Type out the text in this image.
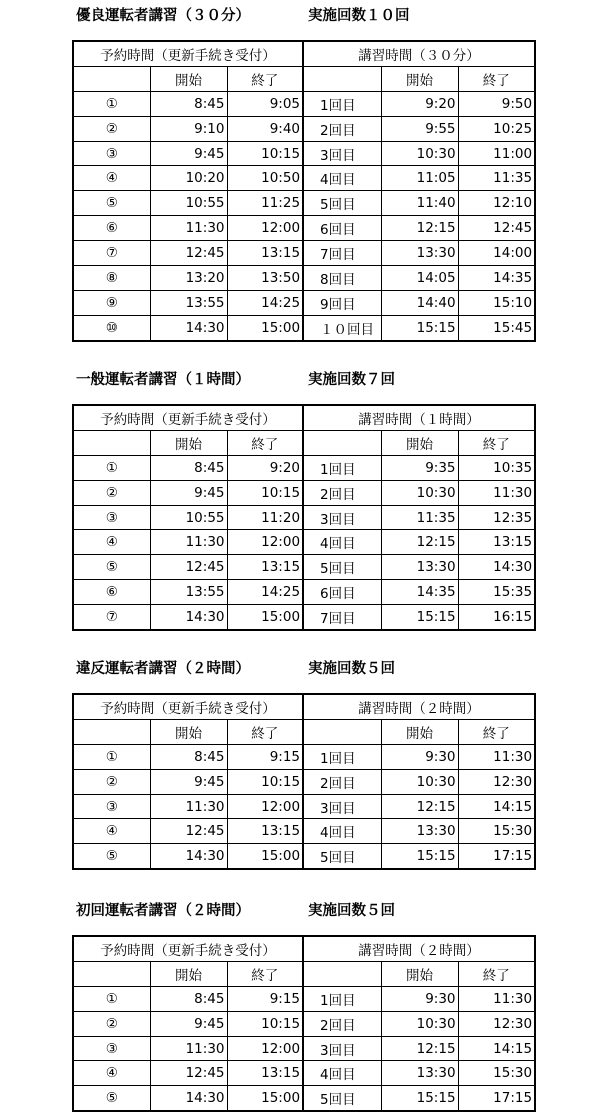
優良運転者講習（３０分）	実施回数１０回
予約時間（更新手続き受付）			講習時間（３０分）		
	開始	終了		開始	終了
①	8:45	9:05	1回目	9:20	9:50
②	9:10	9:40	2回目	9:55	10:25
③	9:45	10:15	3回目	10:30	11:00
④	10:20	10:50	4回目	11:05	11:35
⑤	10:55	11:25	5回目	11:40	12:10
⑥	11:30	12:00	6回目	12:15	12:45
⑦	12:45	13:15	7回目	13:30	14:00
⑧	13:20	13:50	8回目	14:05	14:35
⑨	13:55	14:25	9回目	14:40	15:10
⑩	14:30	15:00	１０回目	15:15	15:45
一般運転者講習（１時間）	実施回数７回
予約時間（更新手続き受付）			講習時間（１時間）		
	開始	終了		開始	終了
①	8:45	9:20	1回目	9:35	10:35
②	9:45	10:15	2回目	10:30	11:30
③	10:55	11:20	3回目	11:35	12:35
④	11:30	12:00	4回目	12:15	13:15
⑤	12:45	13:15	5回目	13:30	14:30
⑥	13:55	14:25	6回目	14:35	15:35
⑦	14:30	15:00	7回目	15:15	16:15
違反運転者講習（２時間）	実施回数５回
予約時間（更新手続き受付）			講習時間（２時間）		
	開始	終了		開始	終了
①	8:45	9:15	1回目	9:30	11:30
②	9:45	10:15	2回目	10:30	12:30
③	11:30	12:00	3回目	12:15	14:15
④	12:45	13:15	4回目	13:30	15:30
⑤	14:30	15:00	5回目	15:15	17:15
初回運転者講習（２時間）	実施回数５回
予約時間（更新手続き受付）			講習時間（２時間）		
	開始	終了		開始	終了
①	8:45	9:15	1回目	9:30	11:30
②	9:45	10:15	2回目	10:30	12:30
③	11:30	12:00	3回目	12:15	14:15
④	12:45	13:15	4回目	13:30	15:30
⑤	14:30	15:00	5回目	15:15	17:15
